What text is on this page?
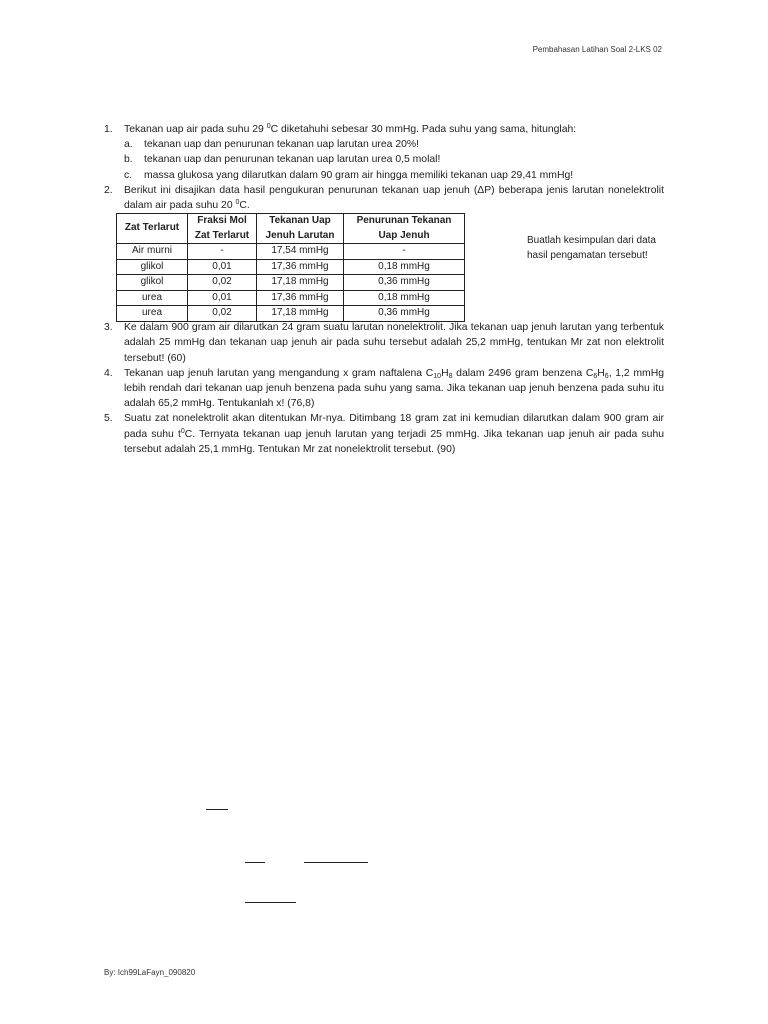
Pembahasan Latihan Soal 2-LKS 02
1. Tekanan uap air pada suhu 29 $^0$C diketahuhi sebesar 30 mmHg. Pada suhu yang sama, hitunglah:
a. tekanan uap dan penurunan tekanan uap larutan urea 20%!
b. tekanan uap dan penurunan tekanan uap larutan urea 0,5 molal!
c. massa glukosa yang dilarutkan dalam 90 gram air hingga memiliki tekanan uap 29,41 mmHg!
2. Berikut ini disajikan data hasil pengukuran penurunan tekanan uap jenuh (ΔP) beberapa jenis larutan nonelektrolit dalam air pada suhu 20 $^0$C.
Zat Terlarut	Fraksi Mol Zat Terlarut	Tekanan Uap Jenuh Larutan	Penurunan Tekanan Uap Jenuh
Air murni	-	17,54 mmHg	-
glikol	0,01	17,36 mmHg	0,18 mmHg
glikol	0,02	17,18 mmHg	0,36 mmHg
urea	0,01	17,36 mmHg	0,18 mmHg
urea	0,02	17,18 mmHg	0,36 mmHg
Buatlah kesimpulan dari data hasil pengamatan tersebut!
3. Ke dalam 900 gram air dilarutkan 24 gram suatu larutan nonelektrolit. Jika tekanan uap jenuh larutan yang terbentuk adalah 25 mmHg dan tekanan uap jenuh air pada suhu tersebut adalah 25,2 mmHg, tentukan Mr zat non elektrolit tersebut! (60)
4. Tekanan uap jenuh larutan yang mengandung x gram naftalena $C_{10}H_8$ dalam 2496 gram benzena $C_6H_6$, 1,2 mmHg lebih rendah dari tekanan uap jenuh benzena pada suhu yang sama. Jika tekanan uap jenuh benzena pada suhu itu adalah 65,2 mmHg. Tentukanlah x! (76,8)
5. Suatu zat nonelektrolit akan ditentukan Mr-nya. Ditimbang 18 gram zat ini kemudian dilarutkan dalam 900 gram air pada suhu $t^0C$. Ternyata tekanan uap jenuh larutan yang terjadi 25 mmHg. Jika tekanan uap jenuh air pada suhu tersebut adalah 25,1 mmHg. Tentukan Mr zat nonelektrolit tersebut. (90)
By: Ich99LaFayn_090820
